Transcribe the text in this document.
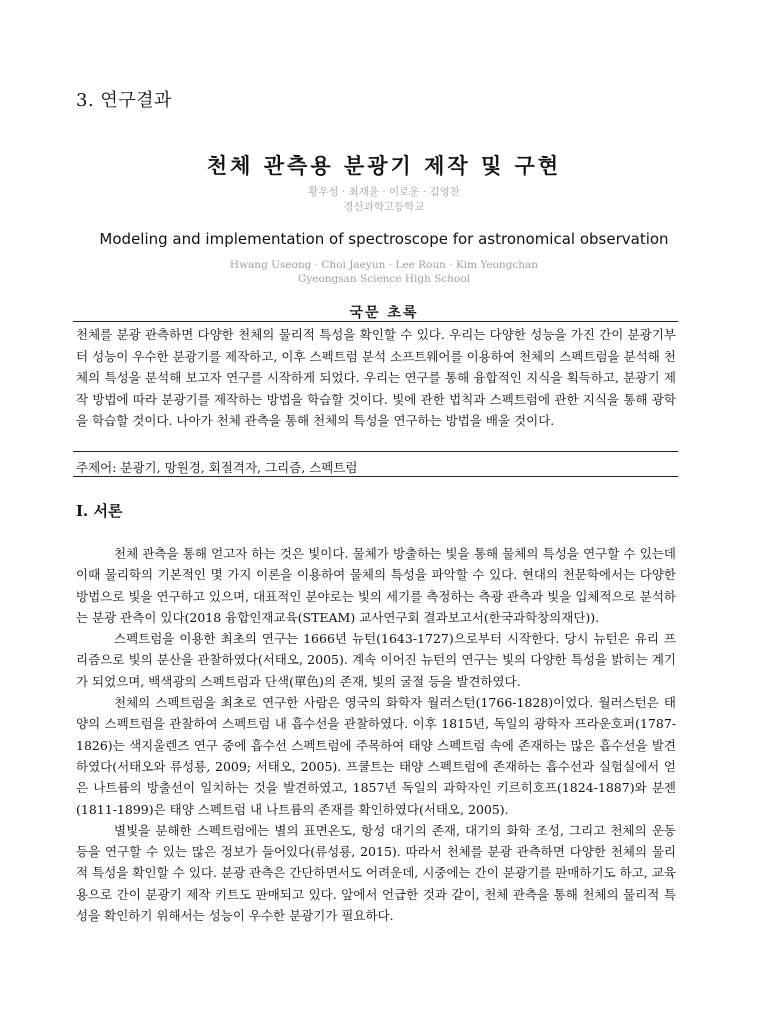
3. 연구결과
천체 관측용 분광기 제작 및 구현
황우성 · 최재윤 · 이로운 · 김영찬
경산과학고등학교
Modeling and implementation of spectroscope for astronomical observation
Hwang Useong · Choi Jaeyun · Lee Roun · Kim Yeongchan
Gyeongsan Science High School
국문 초록
천체를 분광 관측하면 다양한 천체의 물리적 특성을 확인할 수 있다. 우리는 다양한 성능을 가진 간이 분광기부터 성능이 우수한 분광기를 제작하고, 이후 스펙트럼 분석 소프트웨어를 이용하여 천체의 스펙트럼을 분석해 천체의 특성을 분석해 보고자 연구를 시작하게 되었다. 우리는 연구를 통해 융합적인 지식을 획득하고, 분광기 제작 방법에 따라 분광기를 제작하는 방법을 학습할 것이다. 빛에 관한 법칙과 스펙트럼에 관한 지식을 통해 광학을 학습할 것이다. 나아가 천체 관측을 통해 천체의 특성을 연구하는 방법을 배울 것이다.
주제어: 분광기, 망원경, 회절격자, 그리즘, 스펙트럼
Ⅰ. 서론

천체 관측을 통해 얻고자 하는 것은 빛이다. 물체가 방출하는 빛을 통해 물체의 특성을 연구할 수 있는데 이때 물리학의 기본적인 몇 가지 이론을 이용하여 물체의 특성을 파악할 수 있다. 현대의 천문학에서는 다양한 방법으로 빛을 연구하고 있으며, 대표적인 분야로는 빛의 세기를 측정하는 측광 관측과 빛을 입체적으로 분석하는 분광 관측이 있다(2018 융합인재교육(STEAM) 교사연구회 결과보고서(한국과학창의재단)).

스펙트럼을 이용한 최초의 연구는 1666년 뉴턴(1643-1727)으로부터 시작한다. 당시 뉴턴은 유리 프리즘으로 빛의 분산을 관찰하였다(서태오, 2005). 계속 이어진 뉴턴의 연구는 빛의 다양한 특성을 밝히는 계기가 되었으며, 백색광의 스펙트럼과 단색(單色)의 존재, 빛의 굴절 등을 발견하였다.

천체의 스펙트럼을 최초로 연구한 사람은 영국의 화학자 월러스턴(1766-1828)이었다. 월러스턴은 태양의 스펙트럼을 관찰하여 스펙트럼 내 흡수선을 관찰하였다. 이후 1815년, 독일의 광학자 프라운호퍼(1787-1826)는 색지울렌즈 연구 중에 흡수선 스펙트럼에 주목하여 태양 스펙트럼 속에 존재하는 많은 흡수선을 발견하였다(서태오와 류성룡, 2009; 서태오, 2005). 프쿨트는 태양 스펙트럼에 존재하는 흡수선과 실험실에서 얻은 나트륨의 방출선이 일치하는 것을 발견하였고, 1857년 독일의 과학자인 키르히호프(1824-1887)와 분젠(1811-1899)은 태양 스펙트럼 내 나트륨의 존재를 확인하였다(서태오, 2005).

별빛을 분해한 스펙트럼에는 별의 표면온도, 항성 대기의 존재, 대기의 화학 조성, 그리고 천체의 운동 등을 연구할 수 있는 많은 정보가 들어있다(류성룡, 2015). 따라서 천체를 분광 관측하면 다양한 천체의 물리적 특성을 확인할 수 있다. 분광 관측은 간단하면서도 어려운데, 시중에는 간이 분광기를 판매하기도 하고, 교육용으로 간이 분광기 제작 키트도 판매되고 있다. 앞에서 언급한 것과 같이, 천체 관측을 통해 천체의 물리적 특성을 확인하기 위해서는 성능이 우수한 분광기가 필요하다.
